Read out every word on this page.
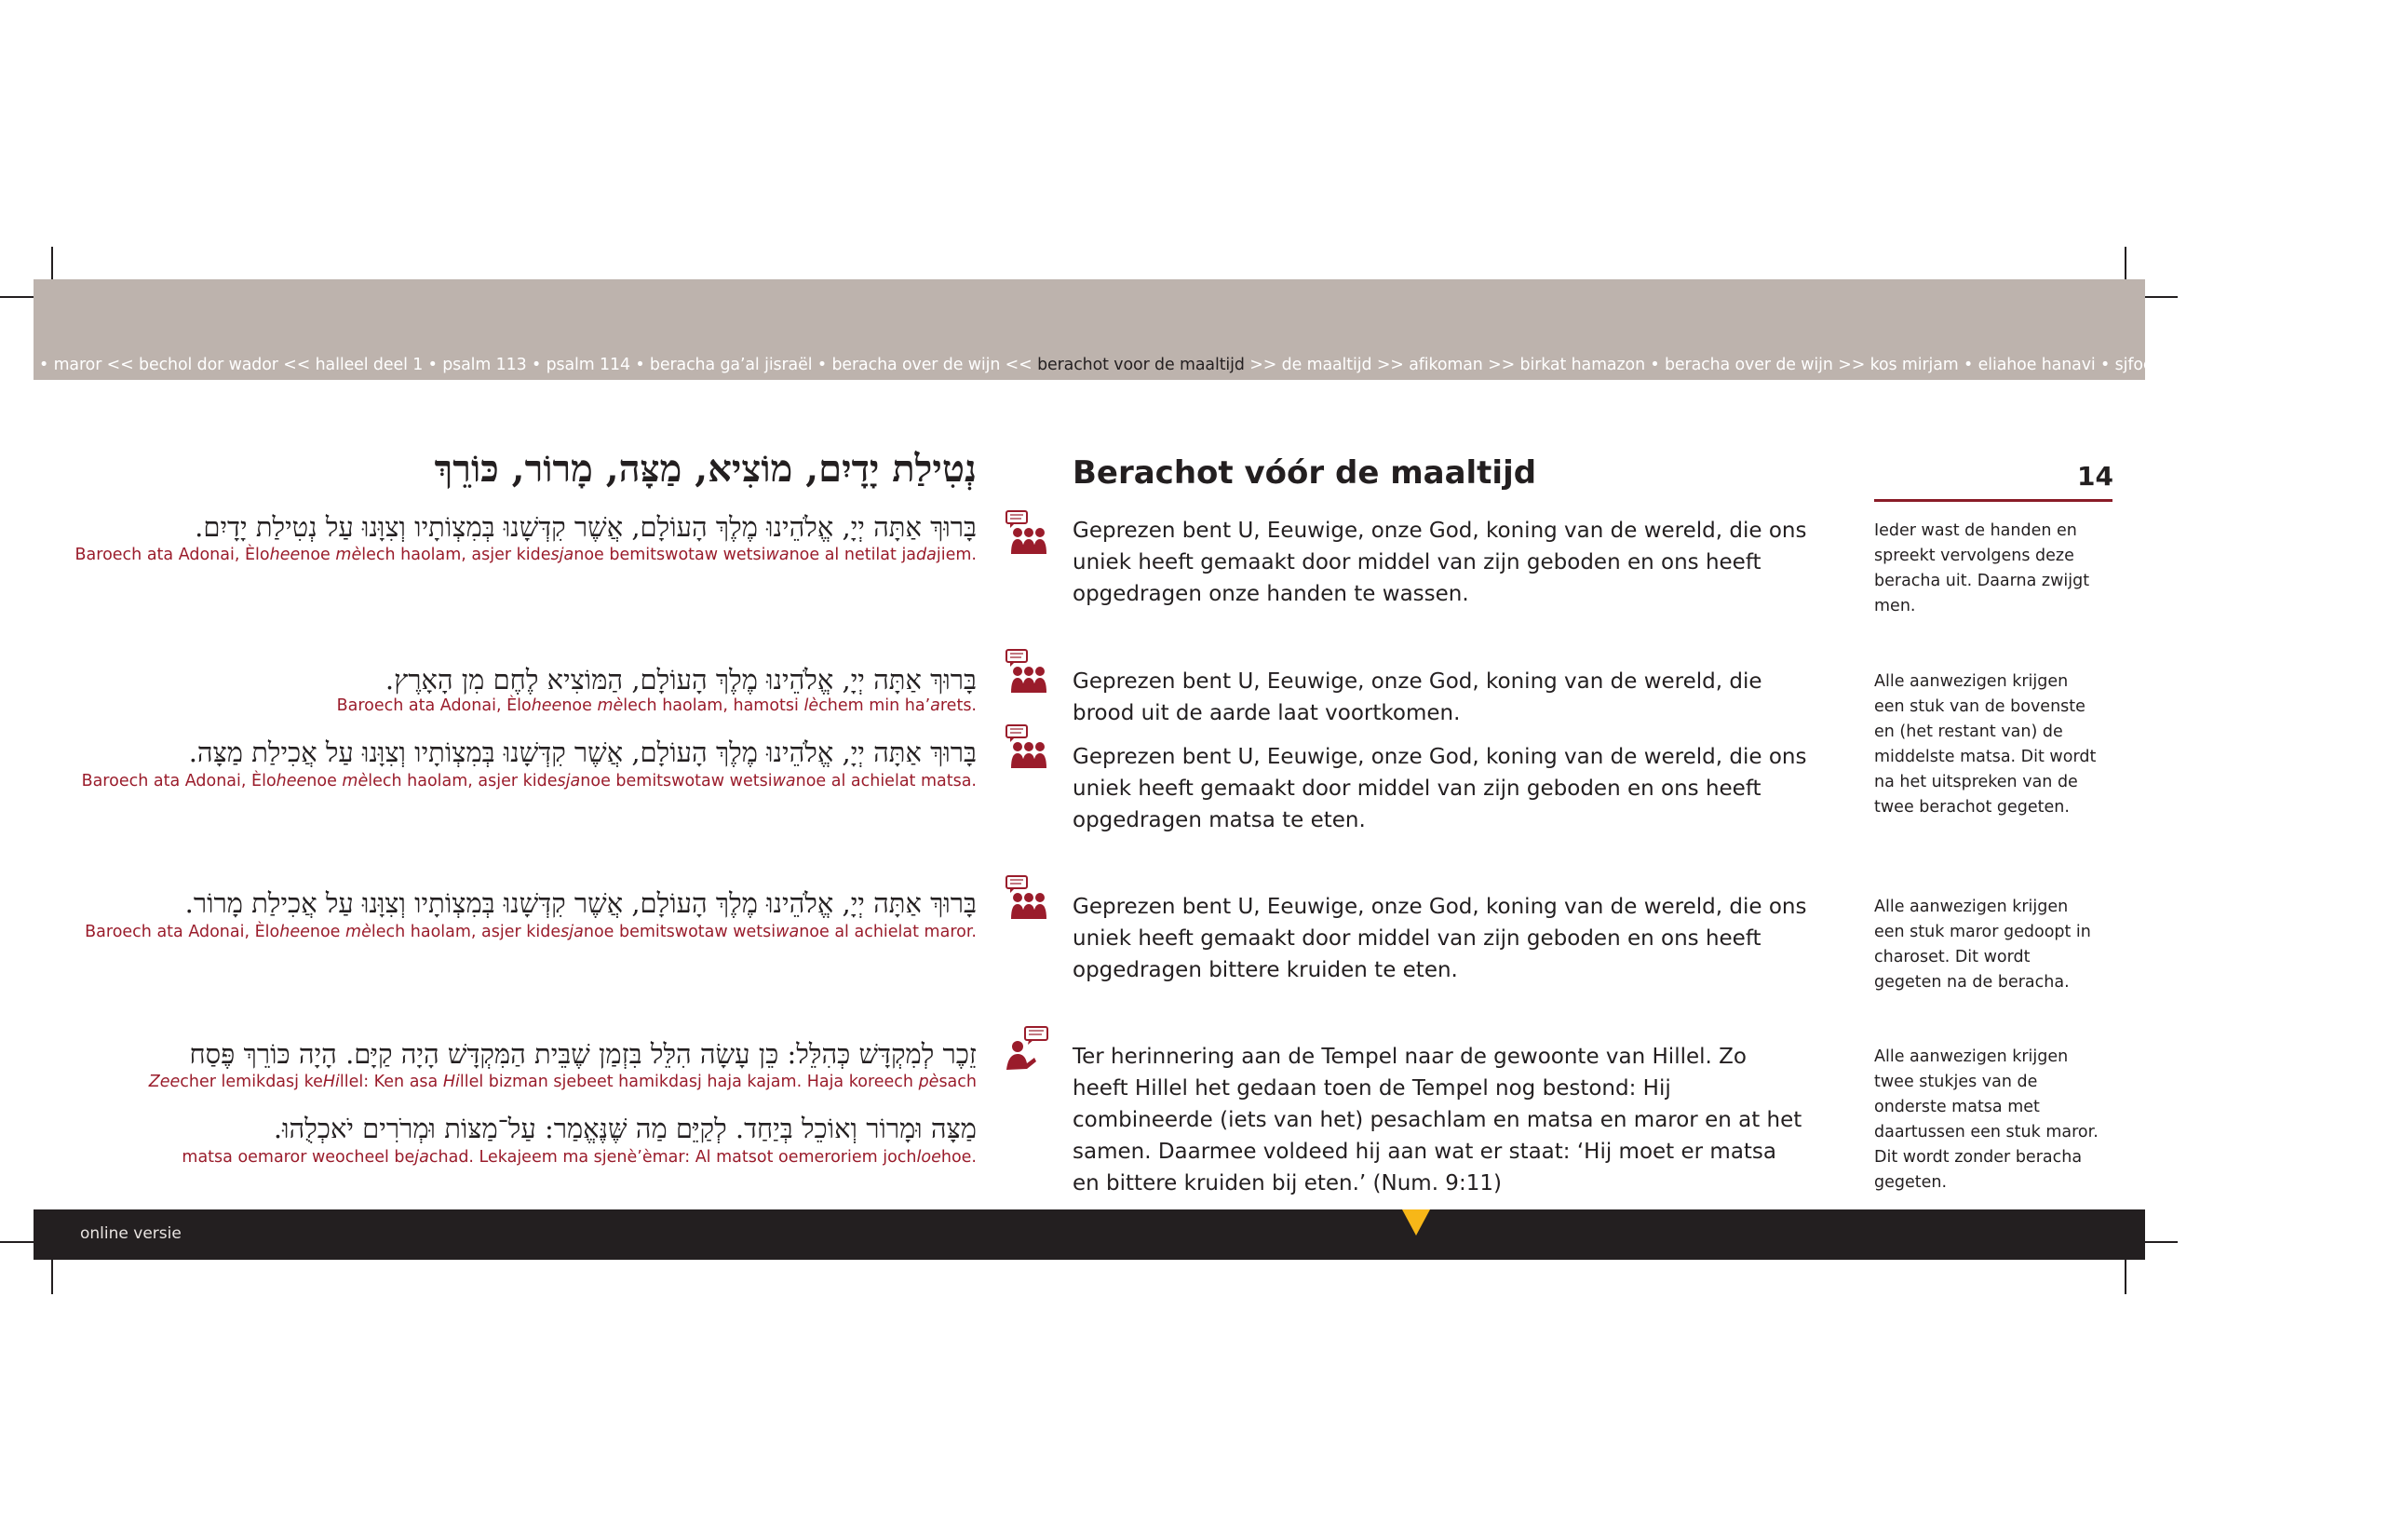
• maror << bechol dor wador << halleel deel 1 • psalm 113 • psalm 114 • beracha ga’al jisraël • beracha over de wijn << berachot voor de maaltijd >> de maaltijd >> afikoman >> birkat hamazon • beracha over de wijn >> kos mirjam • eliahoe hanavi • sjfoch chamatcha • koema adonai
נְטִילַת יָדָיִם, מוֹצִיא, מַצָּה, מָרוֹר, כּוֹרֵךְ
בָּרוּךְ אַתָּה יְיָ, אֱלֹהֵינוּ מֶלֶךְ הָעוֹלָם, אֲשֶׁר קִדְּשָׁנוּ בְּמִצְוֹתָיו וְצִוָּנוּ עַל נְטִילַת יָדָיִם.
Baroech ata Adonai, Èloheenoe mèlech haolam, asjer kidesjanoe bemitswotaw wetsiwanoe al netilat jadajiem.
בָּרוּךְ אַתָּה יְיָ, אֱלֹהֵינוּ מֶלֶךְ הָעוֹלָם, הַמּוֹצִיא לֶחֶם מִן הָאָרֶץ.
Baroech ata Adonai, Èloheenoe mèlech haolam, hamotsi lèchem min ha’arets.
בָּרוּךְ אַתָּה יְיָ, אֱלֹהֵינוּ מֶלֶךְ הָעוֹלָם, אֲשֶׁר קִדְּשָׁנוּ בְּמִצְוֹתָיו וְצִוָּנוּ עַל אֲכִילַת מַצָּה.
Baroech ata Adonai, Èloheenoe mèlech haolam, asjer kidesjanoe bemitswotaw wetsiwanoe al achielat matsa.
בָּרוּךְ אַתָּה יְיָ, אֱלֹהֵינוּ מֶלֶךְ הָעוֹלָם, אֲשֶׁר קִדְּשָׁנוּ בְּמִצְוֹתָיו וְצִוָּנוּ עַל אֲכִילַת מָרוֹר.
Baroech ata Adonai, Èloheenoe mèlech haolam, asjer kidesjanoe bemitswotaw wetsiwanoe al achielat maror.
זֵכֶר לְמִקְדָּשׁ כְּהִלֵּל: כֵּן עָשָׂה הִלֵּל בִּזְמַן שֶׁבֵּית הַמִּקְדָּשׁ הָיָה קַיָּם. הָיָה כּוֹרֵךְ פֶּסַח
Zeecher lemikdasj keHillel: Ken asa Hillel bizman sjebeet hamikdasj haja kajam. Haja koreech pèsach
מַצָּה וּמָרוֹר וְאוֹכֵל בְּיַחַד. לְקַיֵּם מַה שֶּׁנֶּאֱמַר: עַל־מַצּוֹת וּמְרֹרִים יֹאכְלֻהוּ.
matsa oemaror weocheel bejachad. Lekajeem ma sjenè’èmar: Al matsot oemeroriem jochloehoe.
Berachot vóór de maaltijd	14
Geprezen bent U, Eeuwige, onze God, koning van de wereld, die ons uniek heeft gemaakt door middel van zijn geboden en ons heeft opgedragen onze handen te wassen.
Geprezen bent U, Eeuwige, onze God, koning van de wereld, die brood uit de aarde laat voortkomen.
Geprezen bent U, Eeuwige, onze God, koning van de wereld, die ons uniek heeft gemaakt door middel van zijn geboden en ons heeft opgedragen matsa te eten.
Geprezen bent U, Eeuwige, onze God, koning van de wereld, die ons uniek heeft gemaakt door middel van zijn geboden en ons heeft opgedragen bittere kruiden te eten.
Ter herinnering aan de Tempel naar de gewoonte van Hillel. Zo heeft Hillel het gedaan toen de Tempel nog bestond: Hij combineerde (iets van het) pesachlam en matsa en maror en at het samen. Daarmee voldeed hij aan wat er staat: ‘Hij moet er matsa en bittere kruiden bij eten.’ (Num. 9:11)
Ieder wast de handen en spreekt vervolgens deze beracha uit. Daarna zwijgt men.
Alle aanwezigen krijgen een stuk van de bovenste en (het restant van) de middelste matsa. Dit wordt na het uitspreken van de twee berachot gegeten.
Alle aanwezigen krijgen een stuk maror gedoopt in charoset. Dit wordt gegeten na de beracha.
Alle aanwezigen krijgen twee stukjes van de onderste matsa met daartussen een stuk maror. Dit wordt zonder beracha gegeten.
online versie
